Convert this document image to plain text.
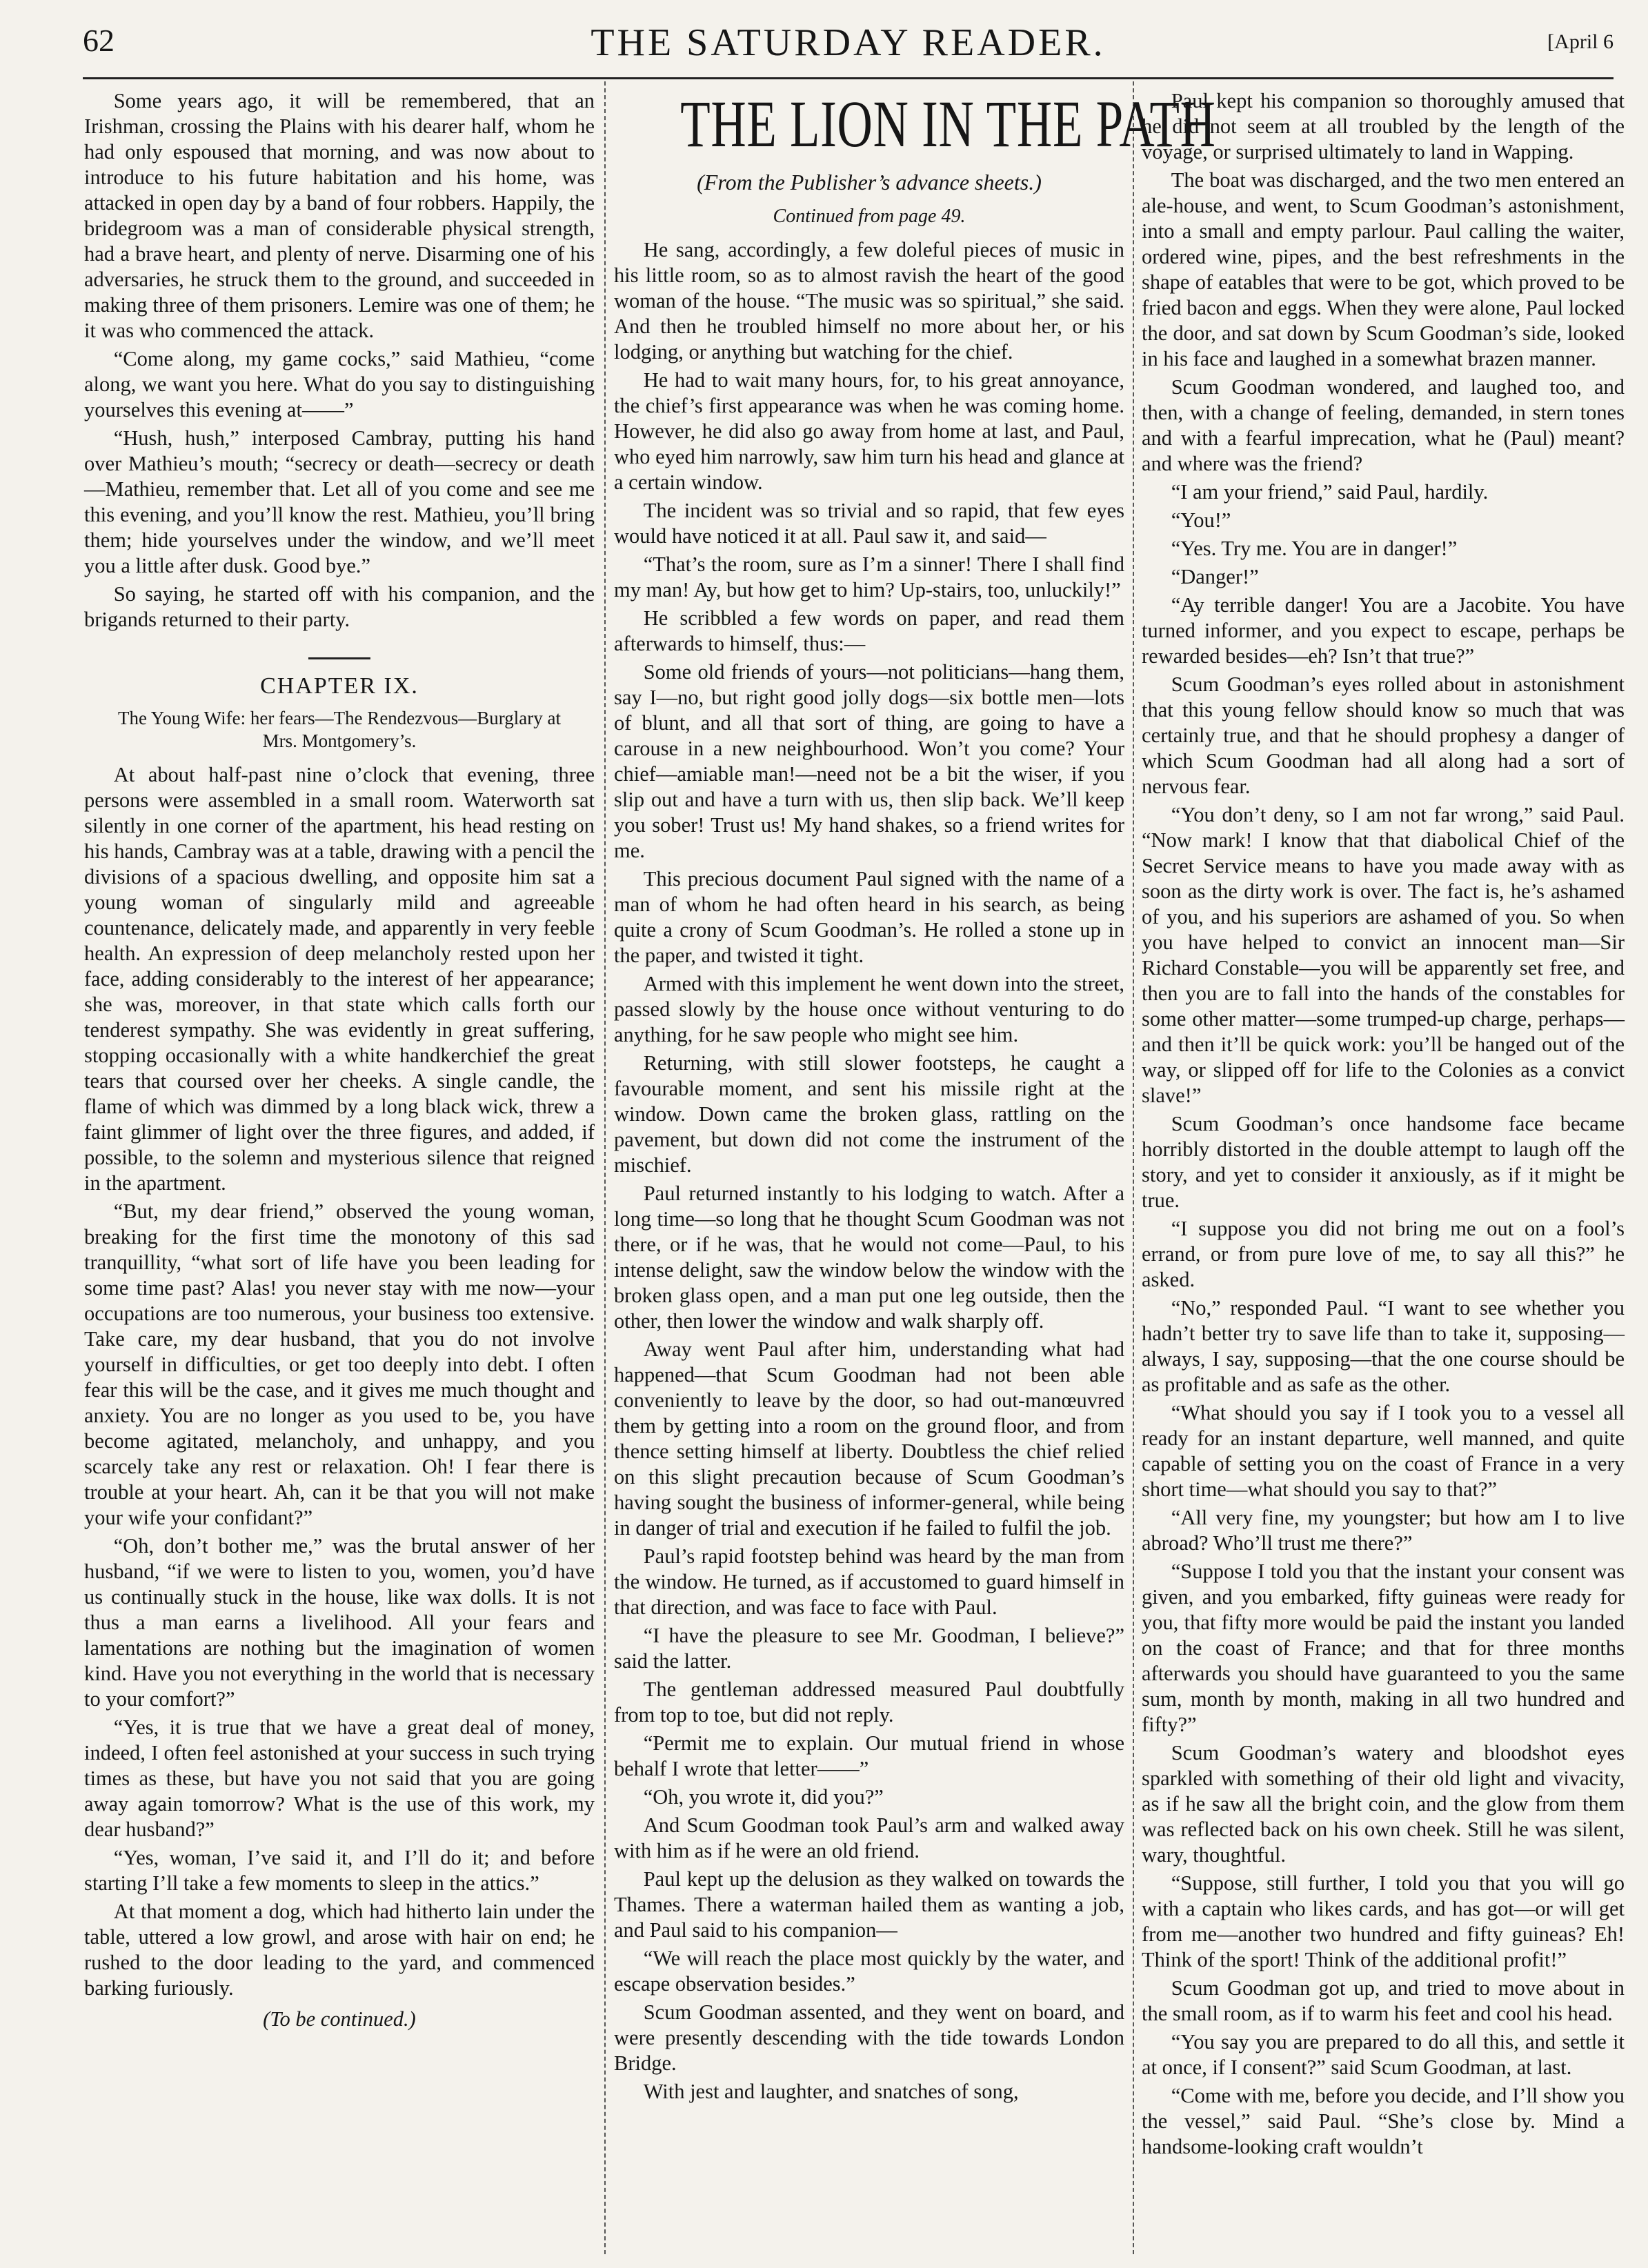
62	THE SATURDAY READER.	[April 6

Some years ago, it will be remembered, that an Irishman, crossing the Plains with his dearer half, whom he had only espoused that morning, and was now about to introduce to his future habitation and his home, was attacked in open day by a band of four robbers. Happily, the bridegroom was a man of considerable physical strength, had a brave heart, and plenty of nerve. Disarming one of his adversaries, he struck them to the ground, and succeeded in making three of them prisoners. Lemire was one of them; he it was who commenced the attack.

“Come along, my game cocks,” said Mathieu, “come along, we want you here. What do you say to distinguishing yourselves this evening at——”

“Hush, hush,” interposed Cambray, putting his hand over Mathieu’s mouth; “secrecy or death—secrecy or death—Mathieu, remember that. Let all of you come and see me this evening, and you’ll know the rest. Mathieu, you’ll bring them; hide yourselves under the window, and we’ll meet you a little after dusk. Good bye.”

So saying, he started off with his companion, and the brigands returned to their party.

CHAPTER IX.
The Young Wife: her fears—The Rendezvous—Burglary at Mrs. Montgomery’s.

At about half-past nine o’clock that evening, three persons were assembled in a small room. Waterworth sat silently in one corner of the apartment, his head resting on his hands, Cambray was at a table, drawing with a pencil the divisions of a spacious dwelling, and opposite him sat a young woman of singularly mild and agreeable countenance, delicately made, and apparently in very feeble health. An expression of deep melancholy rested upon her face, adding considerably to the interest of her appearance; she was, moreover, in that state which calls forth our tenderest sympathy. She was evidently in great suffering, stopping occasionally with a white handkerchief the great tears that coursed over her cheeks. A single candle, the flame of which was dimmed by a long black wick, threw a faint glimmer of light over the three figures, and added, if possible, to the solemn and mysterious silence that reigned in the apartment.

“But, my dear friend,” observed the young woman, breaking for the first time the monotony of this sad tranquillity, “what sort of life have you been leading for some time past? Alas! you never stay with me now—your occupations are too numerous, your business too extensive. Take care, my dear husband, that you do not involve yourself in difficulties, or get too deeply into debt. I often fear this will be the case, and it gives me much thought and anxiety. You are no longer as you used to be, you have become agitated, melancholy, and unhappy, and you scarcely take any rest or relaxation. Oh! I fear there is trouble at your heart. Ah, can it be that you will not make your wife your confidant?”

“Oh, don’t bother me,” was the brutal answer of her husband, “if we were to listen to you, women, you’d have us continually stuck in the house, like wax dolls. It is not thus a man earns a livelihood. All your fears and lamentations are nothing but the imagination of women kind. Have you not everything in the world that is necessary to your comfort?”

“Yes, it is true that we have a great deal of money, indeed, I often feel astonished at your success in such trying times as these, but have you not said that you are going away again tomorrow? What is the use of this work, my dear husband?”

“Yes, woman, I’ve said it, and I’ll do it; and before starting I’ll take a few moments to sleep in the attics.”

At that moment a dog, which had hitherto lain under the table, uttered a low growl, and arose with hair on end; he rushed to the door leading to the yard, and commenced barking furiously.

(To be continued.)
THE LION IN THE PATH
(From the Publisher’s advance sheets.)
Continued from page 49.

He sang, accordingly, a few doleful pieces of music in his little room, so as to almost ravish the heart of the good woman of the house. “The music was so spiritual,” she said. And then he troubled himself no more about her, or his lodging, or anything but watching for the chief.

He had to wait many hours, for, to his great annoyance, the chief’s first appearance was when he was coming home. However, he did also go away from home at last, and Paul, who eyed him narrowly, saw him turn his head and glance at a certain window.

The incident was so trivial and so rapid, that few eyes would have noticed it at all. Paul saw it, and said—

“That’s the room, sure as I’m a sinner! There I shall find my man! Ay, but how get to him? Up-stairs, too, unluckily!”

He scribbled a few words on paper, and read them afterwards to himself, thus:—

Some old friends of yours—not politicians—hang them, say I—no, but right good jolly dogs—six bottle men—lots of blunt, and all that sort of thing, are going to have a carouse in a new neighbourhood. Won’t you come? Your chief—amiable man!—need not be a bit the wiser, if you slip out and have a turn with us, then slip back. We’ll keep you sober! Trust us! My hand shakes, so a friend writes for me.

This precious document Paul signed with the name of a man of whom he had often heard in his search, as being quite a crony of Scum Goodman’s. He rolled a stone up in the paper, and twisted it tight.

Armed with this implement he went down into the street, passed slowly by the house once without venturing to do anything, for he saw people who might see him.

Returning, with still slower footsteps, he caught a favourable moment, and sent his missile right at the window. Down came the broken glass, rattling on the pavement, but down did not come the instrument of the mischief.

Paul returned instantly to his lodging to watch. After a long time—so long that he thought Scum Goodman was not there, or if he was, that he would not come—Paul, to his intense delight, saw the window below the window with the broken glass open, and a man put one leg outside, then the other, then lower the window and walk sharply off.

Away went Paul after him, understanding what had happened—that Scum Goodman had not been able conveniently to leave by the door, so had out-manœuvred them by getting into a room on the ground floor, and from thence setting himself at liberty. Doubtless the chief relied on this slight precaution because of Scum Goodman’s having sought the business of informer-general, while being in danger of trial and execution if he failed to fulfil the job.

Paul’s rapid footstep behind was heard by the man from the window. He turned, as if accustomed to guard himself in that direction, and was face to face with Paul.

“I have the pleasure to see Mr. Goodman, I believe?” said the latter.

The gentleman addressed measured Paul doubtfully from top to toe, but did not reply.

“Permit me to explain. Our mutual friend in whose behalf I wrote that letter——”

“Oh, you wrote it, did you?”

And Scum Goodman took Paul’s arm and walked away with him as if he were an old friend.

Paul kept up the delusion as they walked on towards the Thames. There a waterman hailed them as wanting a job, and Paul said to his companion—

“We will reach the place most quickly by the water, and escape observation besides.”

Scum Goodman assented, and they went on board, and were presently descending with the tide towards London Bridge.

With jest and laughter, and snatches of song,

Paul kept his companion so thoroughly amused that he did not seem at all troubled by the length of the voyage, or surprised ultimately to land in Wapping.

The boat was discharged, and the two men entered an ale-house, and went, to Scum Goodman’s astonishment, into a small and empty parlour. Paul calling the waiter, ordered wine, pipes, and the best refreshments in the shape of eatables that were to be got, which proved to be fried bacon and eggs. When they were alone, Paul locked the door, and sat down by Scum Goodman’s side, looked in his face and laughed in a somewhat brazen manner.

Scum Goodman wondered, and laughed too, and then, with a change of feeling, demanded, in stern tones and with a fearful imprecation, what he (Paul) meant? and where was the friend?

“I am your friend,” said Paul, hardily.

“You!”

“Yes. Try me. You are in danger!”

“Danger!”

“Ay terrible danger! You are a Jacobite. You have turned informer, and you expect to escape, perhaps be rewarded besides—eh? Isn’t that true?”

Scum Goodman’s eyes rolled about in astonishment that this young fellow should know so much that was certainly true, and that he should prophesy a danger of which Scum Goodman had all along had a sort of nervous fear.

“You don’t deny, so I am not far wrong,” said Paul. “Now mark! I know that that diabolical Chief of the Secret Service means to have you made away with as soon as the dirty work is over. The fact is, he’s ashamed of you, and his superiors are ashamed of you. So when you have helped to convict an innocent man—Sir Richard Constable—you will be apparently set free, and then you are to fall into the hands of the constables for some other matter—some trumped-up charge, perhaps—and then it’ll be quick work: you’ll be hanged out of the way, or slipped off for life to the Colonies as a convict slave!”

Scum Goodman’s once handsome face became horribly distorted in the double attempt to laugh off the story, and yet to consider it anxiously, as if it might be true.

“I suppose you did not bring me out on a fool’s errand, or from pure love of me, to say all this?” he asked.

“No,” responded Paul. “I want to see whether you hadn’t better try to save life than to take it, supposing—always, I say, supposing—that the one course should be as profitable and as safe as the other.

“What should you say if I took you to a vessel all ready for an instant departure, well manned, and quite capable of setting you on the coast of France in a very short time—what should you say to that?”

“All very fine, my youngster; but how am I to live abroad? Who’ll trust me there?”

“Suppose I told you that the instant your consent was given, and you embarked, fifty guineas were ready for you, that fifty more would be paid the instant you landed on the coast of France; and that for three months afterwards you should have guaranteed to you the same sum, month by month, making in all two hundred and fifty?”

Scum Goodman’s watery and bloodshot eyes sparkled with something of their old light and vivacity, as if he saw all the bright coin, and the glow from them was reflected back on his own cheek. Still he was silent, wary, thoughtful.

“Suppose, still further, I told you that you will go with a captain who likes cards, and has got—or will get from me—another two hundred and fifty guineas? Eh! Think of the sport! Think of the additional profit!”

Scum Goodman got up, and tried to move about in the small room, as if to warm his feet and cool his head.

“You say you are prepared to do all this, and settle it at once, if I consent?” said Scum Goodman, at last.

“Come with me, before you decide, and I’ll show you the vessel,” said Paul. “She’s close by. Mind a handsome-looking craft wouldn’t
